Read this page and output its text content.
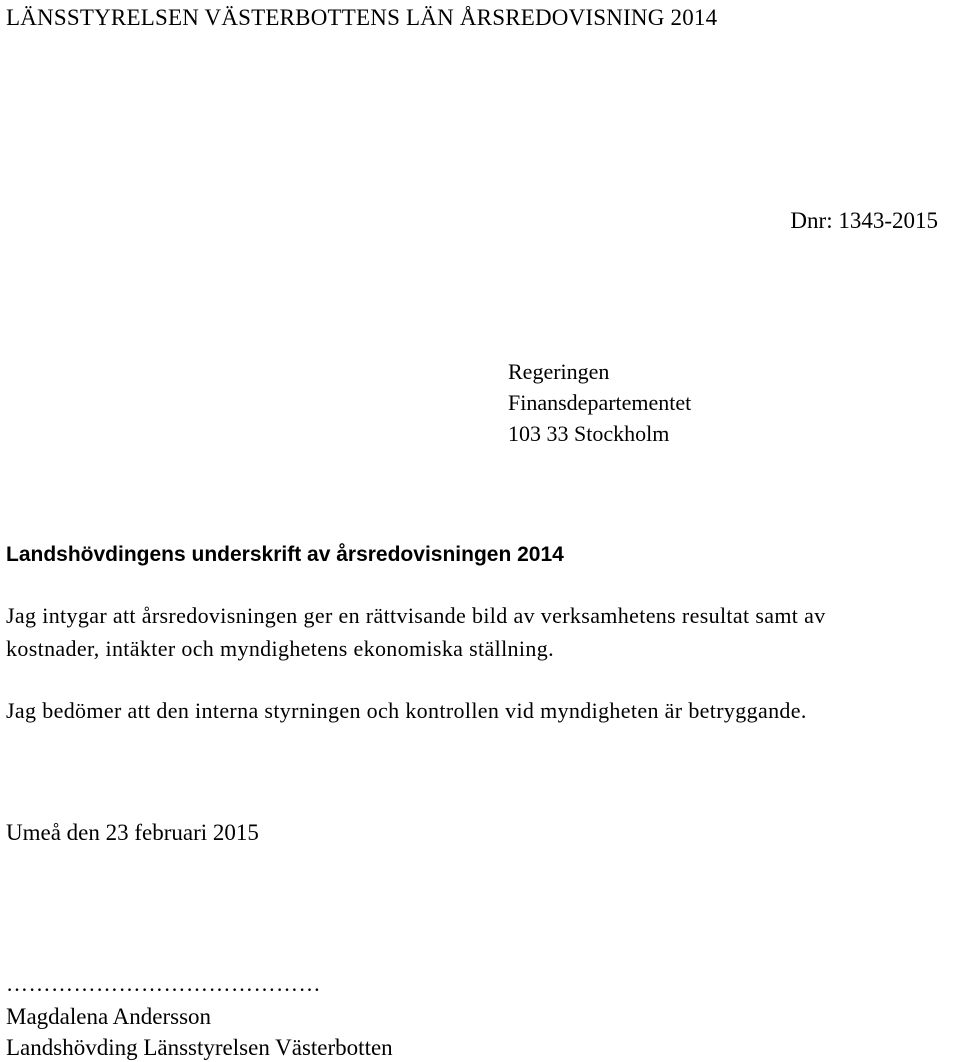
LÄNSSTYRELSEN VÄSTERBOTTENS LÄN ÅRSREDOVISNING 2014
Dnr: 1343-2015
Regeringen
Finansdepartementet
103 33 Stockholm
Landshövdingens underskrift av årsredovisningen 2014
Jag intygar att årsredovisningen ger en rättvisande bild av verksamhetens resultat samt av
kostnader, intäkter och myndighetens ekonomiska ställning.
Jag bedömer att den interna styrningen och kontrollen vid myndigheten är betryggande.
Umeå den 23 februari 2015
……………………………………
Magdalena Andersson
Landshövding Länsstyrelsen Västerbotten
